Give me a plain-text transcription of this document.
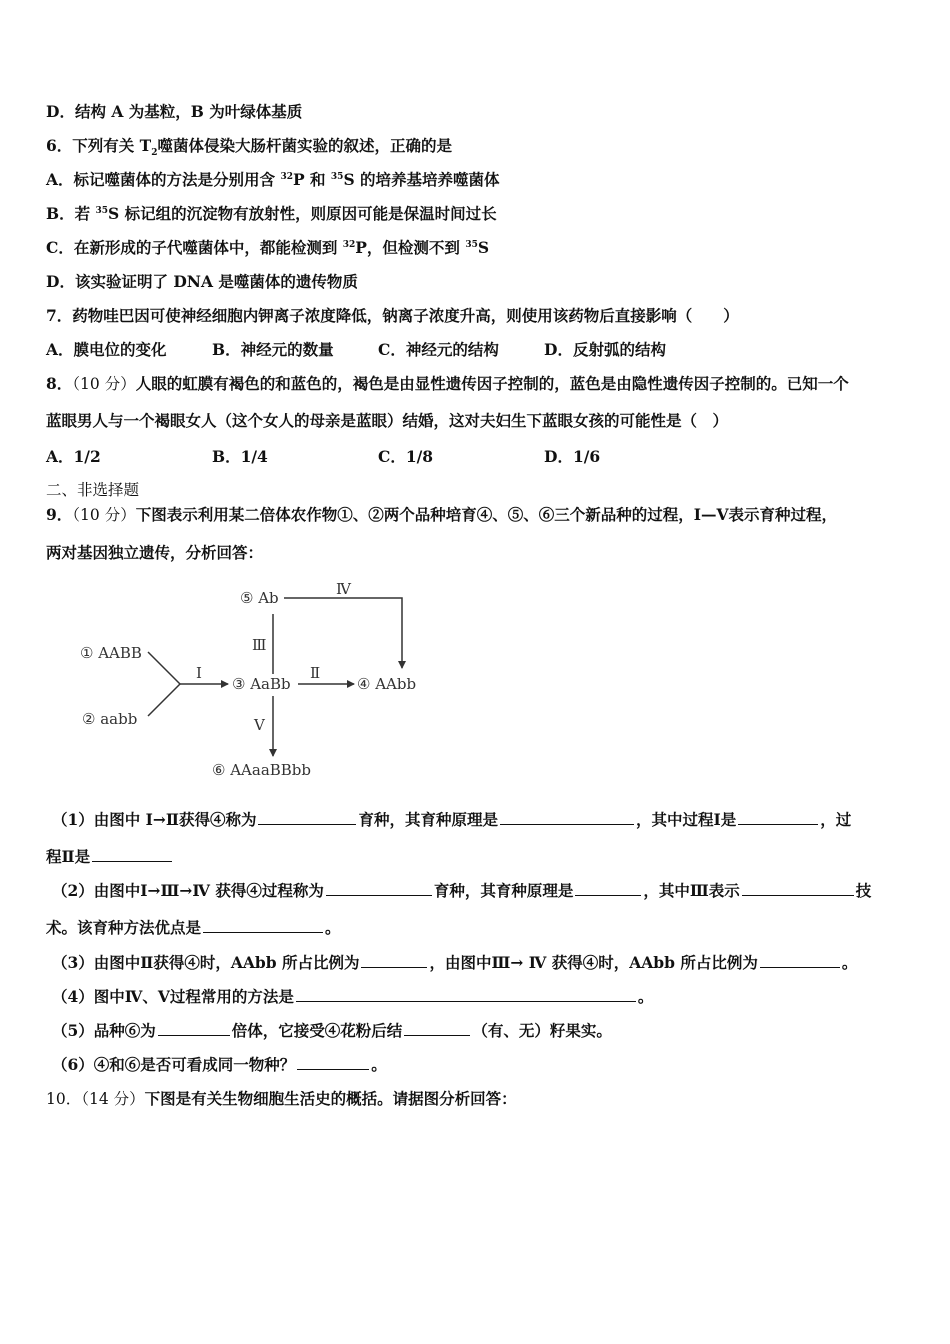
D．结构 A 为基粒，B 为叶绿体基质
6．下列有关 $T_2$噬菌体侵染大肠杆菌实验的叙述，正确的是
A．标记噬菌体的方法是分别用含 $^{32}$P 和 $^{35}$S 的培养基培养噬菌体
B．若 $^{35}$S 标记组的沉淀物有放射性，则原因可能是保温时间过长
C．在新形成的子代噬菌体中，都能检测到 $^{32}$P，但检测不到 $^{35}$S
D．该实验证明了 DNA 是噬菌体的遗传物质
7．药物哇巴因可使神经细胞内钾离子浓度降低，钠离子浓度升高，则使用该药物后直接影响（　　）
A．膜电位的变化	B．神经元的数量	C．神经元的结构	D．反射弧的结构
8．（10 分）人眼的虹膜有褐色的和蓝色的，褐色是由显性遗传因子控制的，蓝色是由隐性遗传因子控制的。已知一个
蓝眼男人与一个褐眼女人（这个女人的母亲是蓝眼）结婚，这对夫妇生下蓝眼女孩的可能性是（　）
A．1/2	B．1/4	C．1/8	D．1/6
二、非选择题
9．（10 分）下图表示利用某二倍体农作物①、②两个品种培育④、⑤、⑥三个新品种的过程，Ⅰ—Ⅴ表示育种过程，
两对基因独立遗传，分析回答：
⑤ Ab
① AABB
② aabb
③ AaBb	④ AAbb
⑥ AAaaBBbb
Ⅰ	Ⅱ
Ⅲ
Ⅳ
Ⅴ
（1）由图中 Ⅰ→Ⅱ获得④称为	育种，其育种原理是	，其中过程Ⅰ是	，过
程Ⅱ是
（2）由图中Ⅰ→Ⅲ→Ⅳ 获得④过程称为	育种，其育种原理是	，其中Ⅲ表示	技
术。该育种方法优点是	。
（3）由图中Ⅱ获得④时，AAbb 所占比例为	，由图中Ⅲ→ Ⅳ 获得④时，AAbb 所占比例为	。
（4）图中Ⅳ、Ⅴ过程常用的方法是	。
（5）品种⑥为	倍体，它接受④花粉后结	（有、无）籽果实。
（6）④和⑥是否可看成同一物种？	。
10．（14 分）下图是有关生物细胞生活史的概括。请据图分析回答：
